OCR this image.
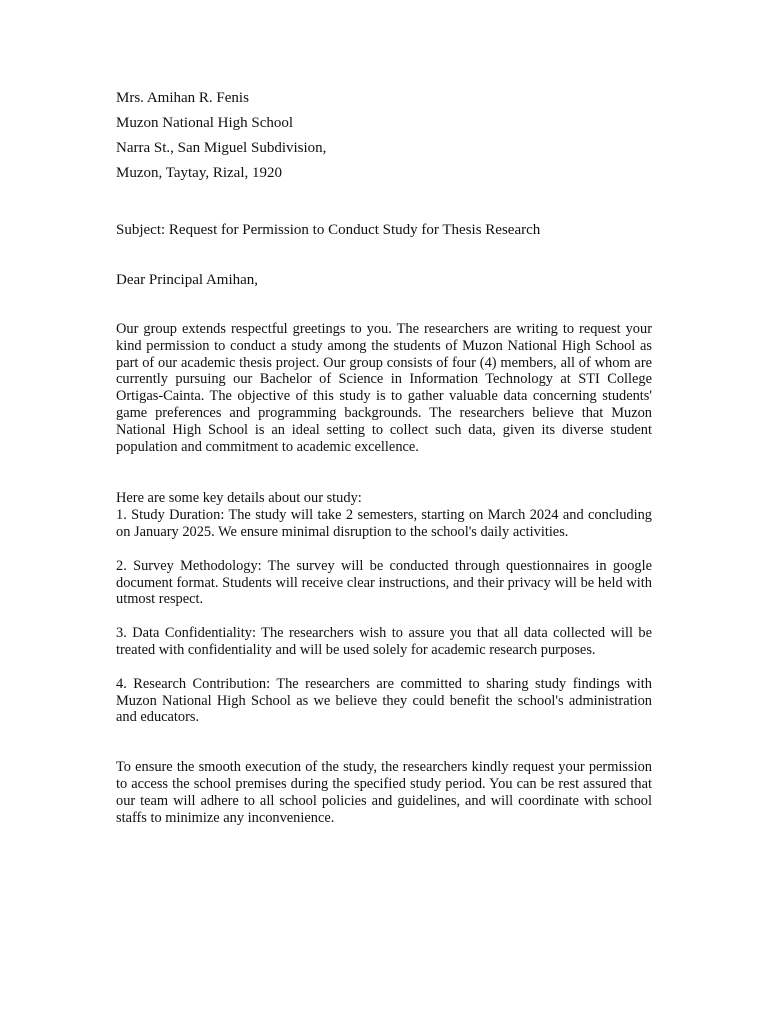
Mrs. Amihan R. Fenis

Muzon National High School

Narra St., San Miguel Subdivision,

Muzon, Taytay, Rizal, 1920

Subject: Request for Permission to Conduct Study for Thesis Research

Dear Principal Amihan,

Our group extends respectful greetings to you. The researchers are writing to request your kind permission to conduct a study among the students of Muzon National High School as part of our academic thesis project. Our group consists of four (4) members, all of whom are currently pursuing our Bachelor of Science in Information Technology at STI College Ortigas-Cainta. The objective of this study is to gather valuable data concerning students' game preferences and programming backgrounds. The researchers believe that Muzon National High School is an ideal setting to collect such data, given its diverse student population and commitment to academic excellence.

Here are some key details about our study:

1. Study Duration: The study will take 2 semesters, starting on March 2024 and concluding on January 2025. We ensure minimal disruption to the school's daily activities.

2. Survey Methodology: The survey will be conducted through questionnaires in google document format. Students will receive clear instructions, and their privacy will be held with utmost respect.

3. Data Confidentiality: The researchers wish to assure you that all data collected will be treated with confidentiality and will be used solely for academic research purposes.

4. Research Contribution: The researchers are committed to sharing study findings with Muzon National High School as we believe they could benefit the school's administration and educators.

To ensure the smooth execution of the study, the researchers kindly request your permission to access the school premises during the specified study period. You can be rest assured that our team will adhere to all school policies and guidelines, and will coordinate with school staffs to minimize any inconvenience.
